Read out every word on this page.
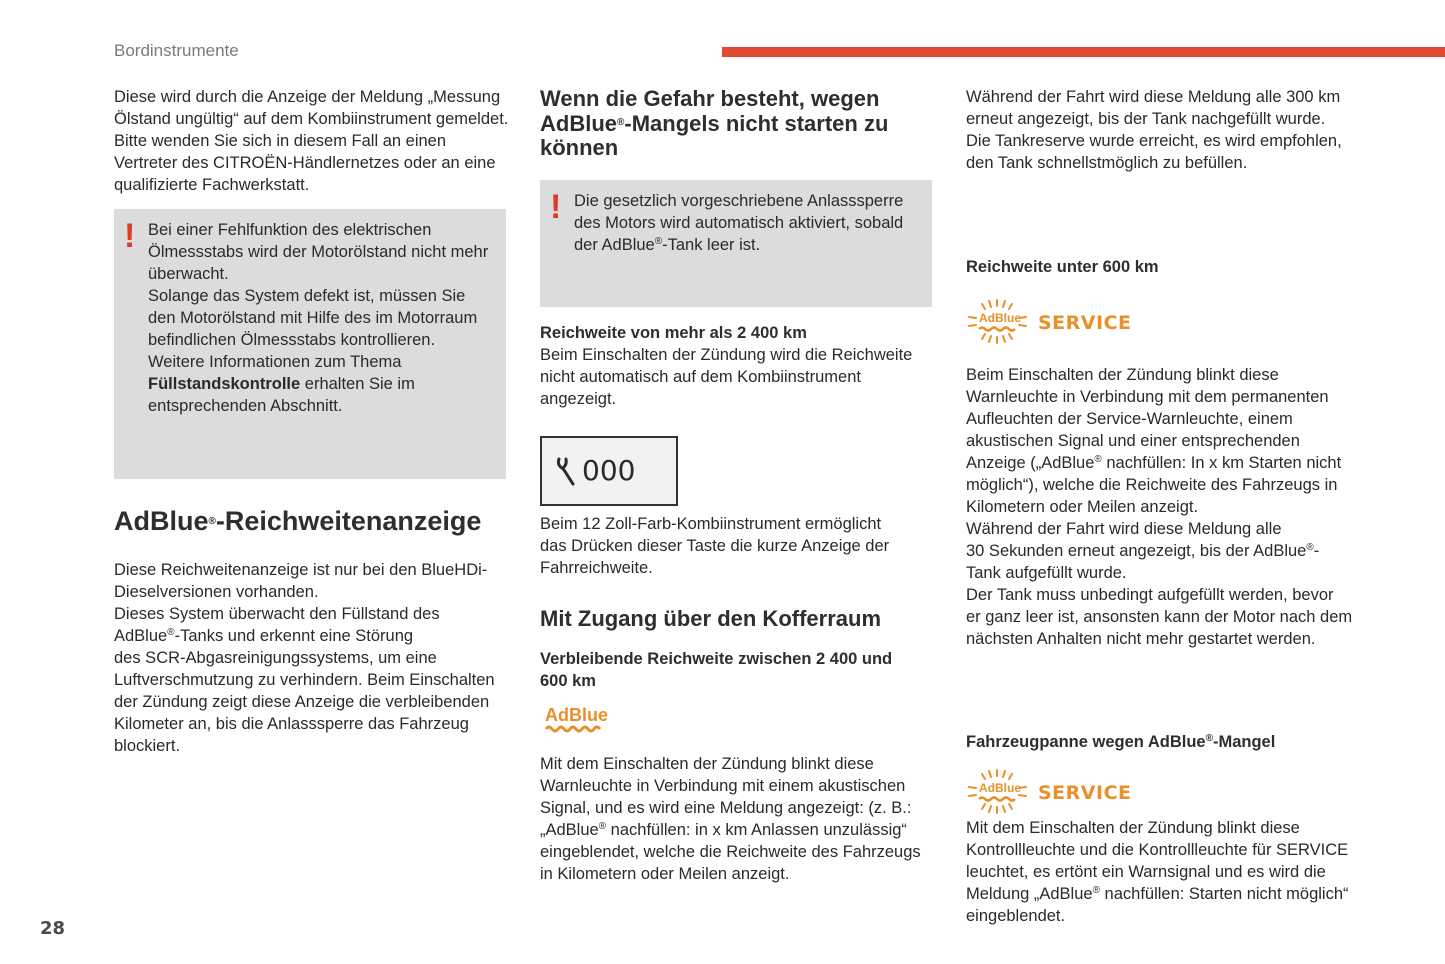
Bordinstrumente

Diese wird durch die Anzeige der Meldung „Messung

Ölstand ungültig“ auf dem Kombiinstrument gemeldet.

Bitte wenden Sie sich in diesem Fall an einen

Vertreter des CITROËN-Händlernetzes oder an eine

qualifizierte Fachwerkstatt.

! Bei einer Fehlfunktion des elektrischen

Ölmessstabs wird der Motorölstand nicht mehr

überwacht.

Solange das System defekt ist, müssen Sie

den Motorölstand mit Hilfe des im Motorraum

befindlichen Ölmessstabs kontrollieren.

Weitere Informationen zum Thema

Füllstandskontrolle erhalten Sie im

entsprechenden Abschnitt.

AdBlue®-Reichweitenanzeige

Diese Reichweitenanzeige ist nur bei den BlueHDi-

Dieselversionen vorhanden.

Dieses System überwacht den Füllstand des

AdBlue®-Tanks und erkennt eine Störung

des SCR-Abgasreinigungssystems, um eine

Luftverschmutzung zu verhindern. Beim Einschalten

der Zündung zeigt diese Anzeige die verbleibenden

Kilometer an, bis die Anlasssperre das Fahrzeug

blockiert.

Wenn die Gefahr besteht, wegen
AdBlue®-Mangels nicht starten zu
können
! Die gesetzlich vorgeschriebene Anlasssperre

des Motors wird automatisch aktiviert, sobald

der AdBlue®-Tank leer ist.

Reichweite von mehr als 2 400 km

Beim Einschalten der Zündung wird die Reichweite

nicht automatisch auf dem Kombiinstrument

angezeigt.

000

Beim 12 Zoll-Farb-Kombiinstrument ermöglicht

das Drücken dieser Taste die kurze Anzeige der

Fahrreichweite.

Mit Zugang über den Kofferraum
Verbleibende Reichweite zwischen 2 400 und
600 km
AdBlue

Mit dem Einschalten der Zündung blinkt diese

Warnleuchte in Verbindung mit einem akustischen

Signal, und es wird eine Meldung angezeigt: (z. B.:

„AdBlue® nachfüllen: in x km Anlassen unzulässig“

eingeblendet, welche die Reichweite des Fahrzeugs

in Kilometern oder Meilen anzeigt.

Während der Fahrt wird diese Meldung alle 300 km

erneut angezeigt, bis der Tank nachgefüllt wurde.

Die Tankreserve wurde erreicht, es wird empfohlen,

den Tank schnellstmöglich zu befüllen.

Reichweite unter 600 km
AdBlue SERVICE

Beim Einschalten der Zündung blinkt diese

Warnleuchte in Verbindung mit dem permanenten

Aufleuchten der Service-Warnleuchte, einem

akustischen Signal und einer entsprechenden

Anzeige („AdBlue® nachfüllen: In x km Starten nicht

möglich“), welche die Reichweite des Fahrzeugs in

Kilometern oder Meilen anzeigt.

Während der Fahrt wird diese Meldung alle

30 Sekunden erneut angezeigt, bis der AdBlue®-

Tank aufgefüllt wurde.

Der Tank muss unbedingt aufgefüllt werden, bevor

er ganz leer ist, ansonsten kann der Motor nach dem

nächsten Anhalten nicht mehr gestartet werden.

Fahrzeugpanne wegen AdBlue®-Mangel
AdBlue SERVICE

Mit dem Einschalten der Zündung blinkt diese

Kontrollleuchte und die Kontrollleuchte für SERVICE

leuchtet, es ertönt ein Warnsignal und es wird die

Meldung „AdBlue® nachfüllen: Starten nicht möglich“

eingeblendet.

28
